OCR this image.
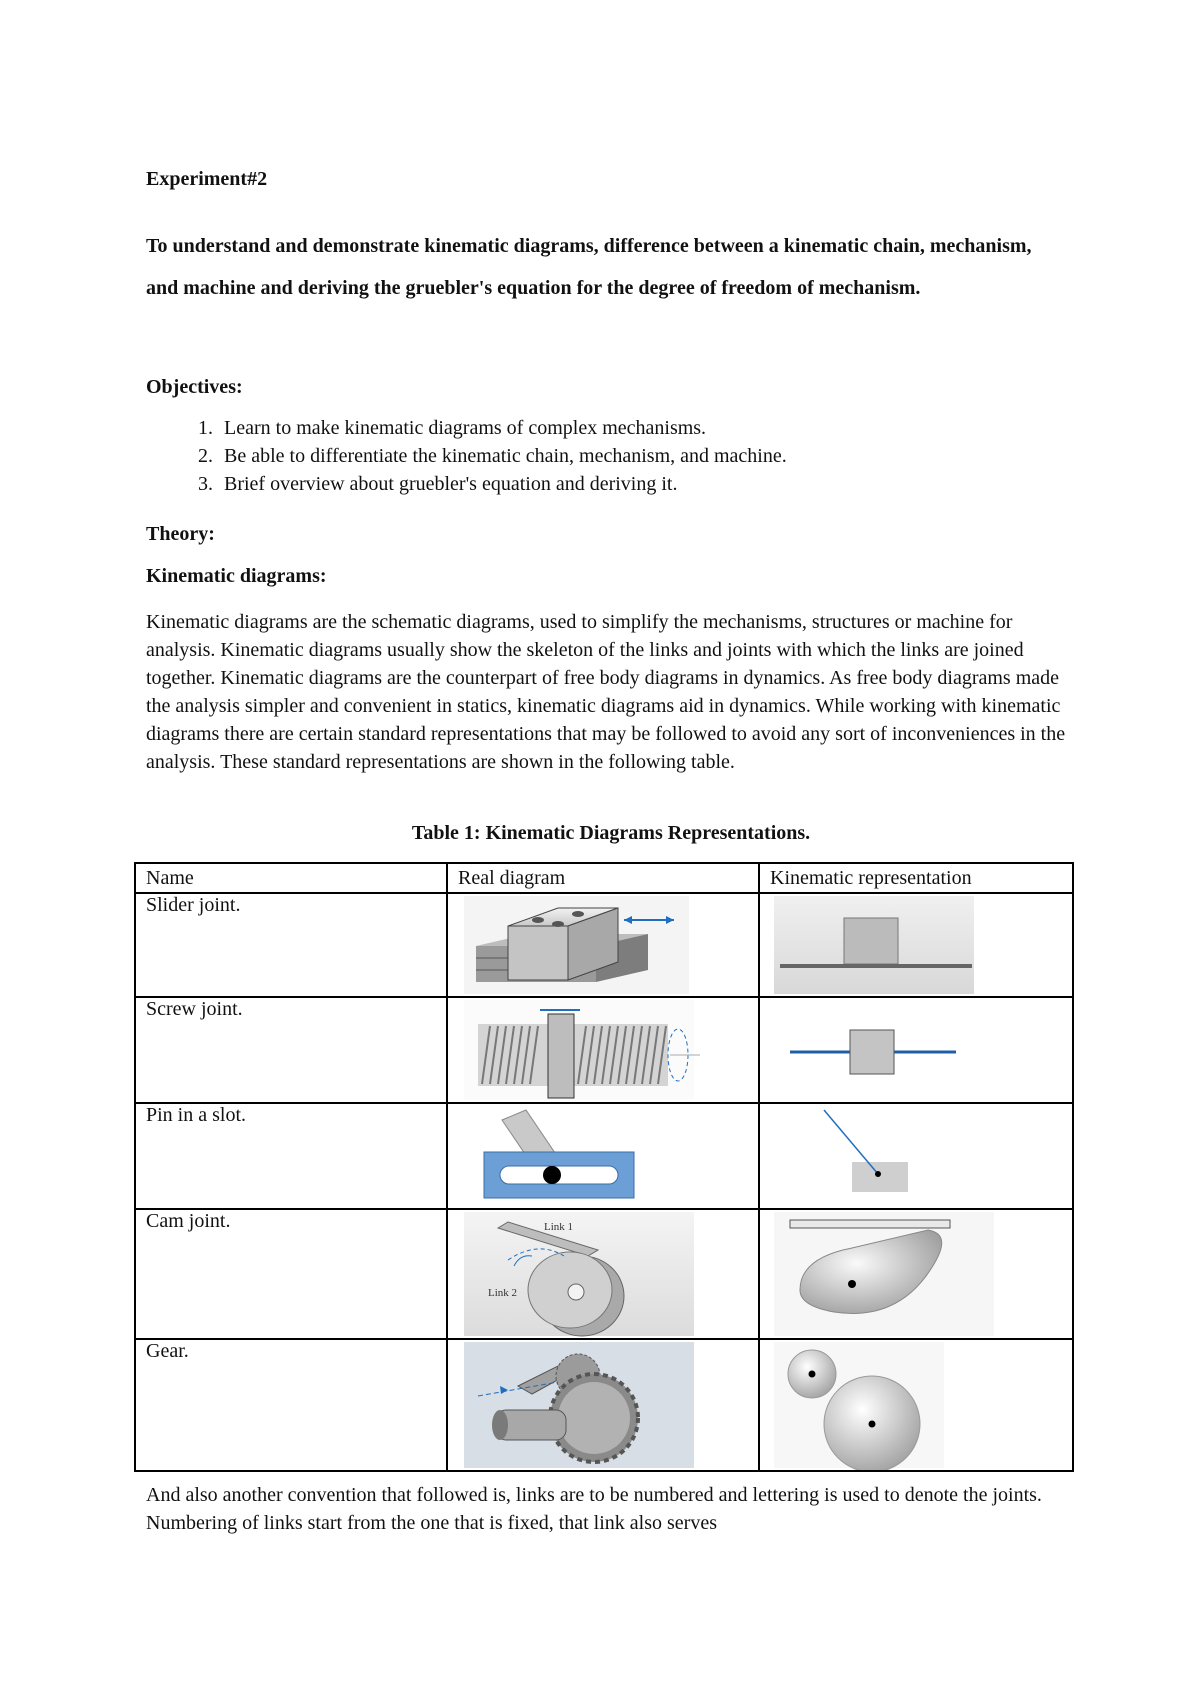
Experiment#2

To understand and demonstrate kinematic diagrams, difference between a kinematic chain, mechanism, and machine and deriving the gruebler's equation for the degree of freedom of mechanism.

Objectives:
1. Learn to make kinematic diagrams of complex mechanisms.
2. Be able to differentiate the kinematic chain, mechanism, and machine.
3. Brief overview about gruebler's equation and deriving it.
Theory:
Kinematic diagrams:

Kinematic diagrams are the schematic diagrams, used to simplify the mechanisms, structures or machine for analysis. Kinematic diagrams usually show the skeleton of the links and joints with which the links are joined together. Kinematic diagrams are the counterpart of free body diagrams in dynamics. As free body diagrams made the analysis simpler and convenient in statics, kinematic diagrams aid in dynamics. While working with kinematic diagrams there are certain standard representations that may be followed to avoid any sort of inconveniences in the analysis. These standard representations are shown in the following table.

Table 1: Kinematic Diagrams Representations.
Name	Real diagram	Kinematic representation
Slider joint.	

Screw joint.	

Pin in a slot.	

Cam joint.	Link 1
Link 2

Gear.	

And also another convention that followed is, links are to be numbered and lettering is used to denote the joints. Numbering of links start from the one that is fixed, that link also serves
